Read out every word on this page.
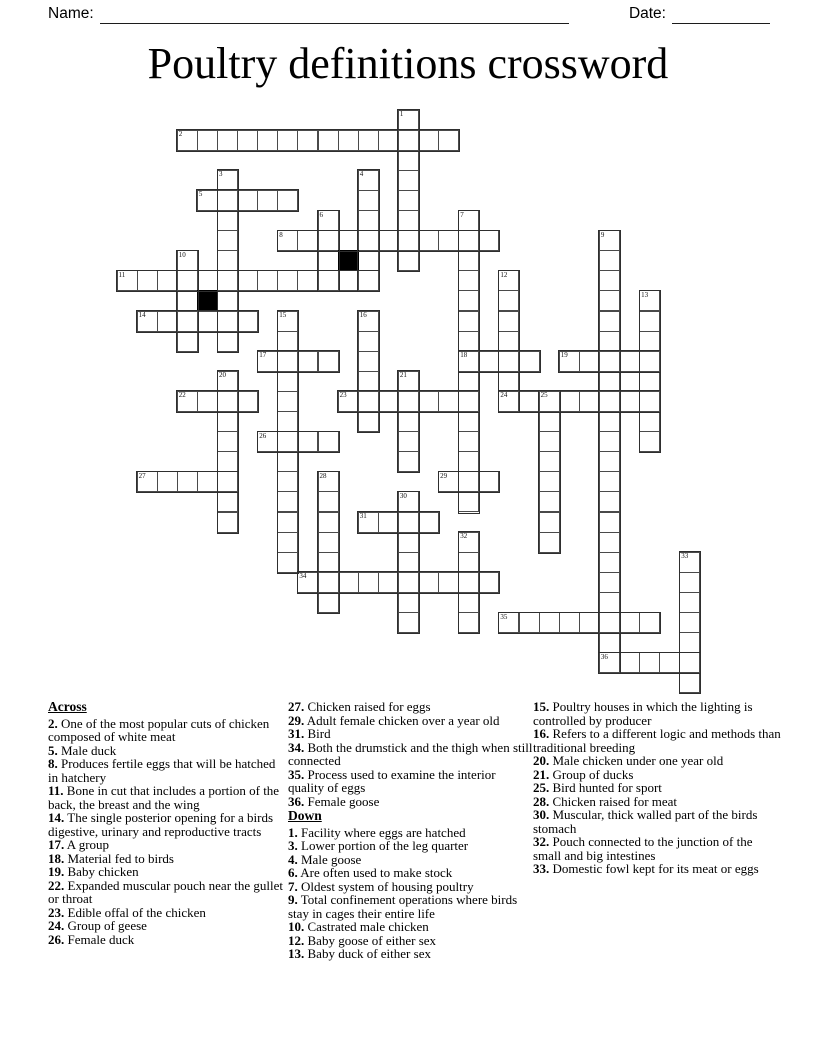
Name:	Date:
Poultry definitions crossword
2
5
8
11
14
17	18	19
22	23	24	25
26
27	29
31
34
35
36
1
3	4
6	7
9
10
12
13
15	16
20	21
28
30
32
33
Across
2. One of the most popular cuts of chicken composed of white meat
5. Male duck
8. Produces fertile eggs that will be hatched in hatchery
11. Bone in cut that includes a portion of the back, the breast and the wing
14. The single posterior opening for a birds digestive, urinary and reproductive tracts
17. A group
18. Material fed to birds
19. Baby chicken
22. Expanded muscular pouch near the gullet or throat
23. Edible offal of the chicken
24. Group of geese
26. Female duck
27. Chicken raised for eggs
29. Adult female chicken over a year old
31. Bird
34. Both the drumstick and the thigh when still connected
35. Process used to examine the interior quality of eggs
36. Female goose
Down
1. Facility where eggs are hatched
3. Lower portion of the leg quarter
4. Male goose
6. Are often used to make stock
7. Oldest system of housing poultry
9. Total confinement operations where birds stay in cages their entire life
10. Castrated male chicken
12. Baby goose of either sex
13. Baby duck of either sex
15. Poultry houses in which the lighting is controlled by producer
16. Refers to a different logic and methods than traditional breeding
20. Male chicken under one year old
21. Group of ducks
25. Bird hunted for sport
28. Chicken raised for meat
30. Muscular, thick walled part of the birds stomach
32. Pouch connected to the junction of the small and big intestines
33. Domestic fowl kept for its meat or eggs
